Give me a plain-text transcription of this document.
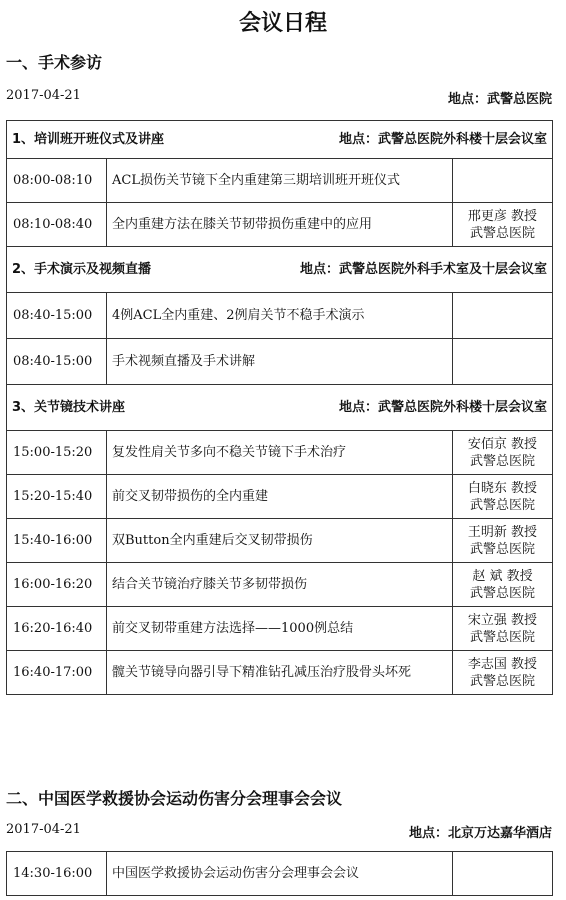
会议日程
一、手术参访
2017-04-21	地点：武警总医院
1、培训班开班仪式及讲座 地点：武警总医院外科楼十层会议室		

08:00-08:10	ACL损伤关节镜下全内重建第三期培训班开班仪式	

08:10-08:40	全内重建方法在膝关节韧带损伤重建中的应用	邢更彦 教授
武警总医院

2、手术演示及视频直播 地点：武警总医院外科手术室及十层会议室		

08:40-15:00	4例ACL全内重建、2例肩关节不稳手术演示	

08:40-15:00	手术视频直播及手术讲解	

3、关节镜技术讲座 地点：武警总医院外科楼十层会议室		

15:00-15:20	复发性肩关节多向不稳关节镜下手术治疗	安佰京 教授
武警总医院

15:20-15:40	前交叉韧带损伤的全内重建	白晓东 教授
武警总医院

15:40-16:00	双Button全内重建后交叉韧带损伤	王明新 教授
武警总医院

16:00-16:20	结合关节镜治疗膝关节多韧带损伤	赵 斌 教授
武警总医院

16:20-16:40	前交叉韧带重建方法选择——1000例总结	宋立强 教授
武警总医院

16:40-17:00	髋关节镜导向器引导下精准钻孔减压治疗股骨头坏死	李志国 教授
武警总医院
二、中国医学救援协会运动伤害分会理事会会议
2017-04-21	地点：北京万达嘉华酒店
14:30-16:00	中国医学救援协会运动伤害分会理事会会议	
